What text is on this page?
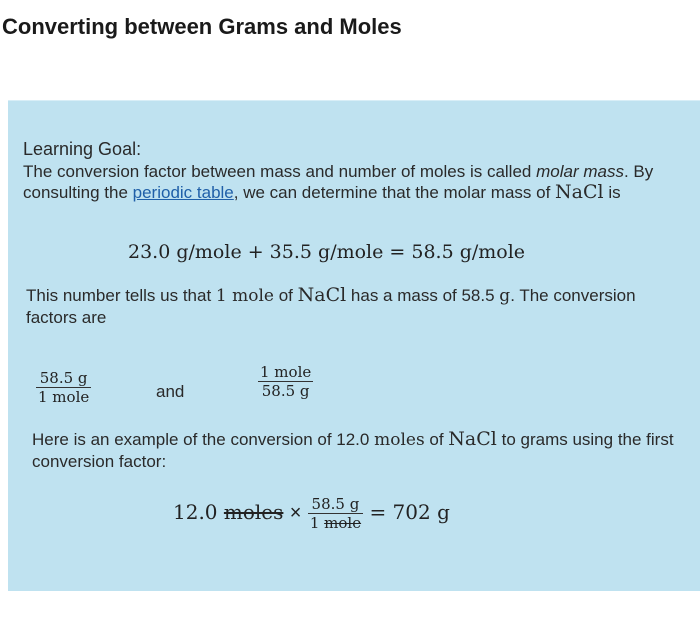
Converting between Grams and Moles
Learning Goal:
The conversion factor between mass and number of moles is called molar mass. By consulting the periodic table, we can determine that the molar mass of NaCl is
23.0 g/mole + 35.5 g/mole = 58.5 g/mole
This number tells us that 1 mole of NaCl has a mass of 58.5 g. The conversion factors are
$\frac{58.5 g}{\text{1 mole}}$	and	$\frac{\text{1 mole}}{58.5 g}$
Here is an example of the conversion of 12.0 moles of NaCl to grams using the first conversion factor:
12.0 moles × $\frac{58.5 g}{\text{1 mole}} = 702$ g
